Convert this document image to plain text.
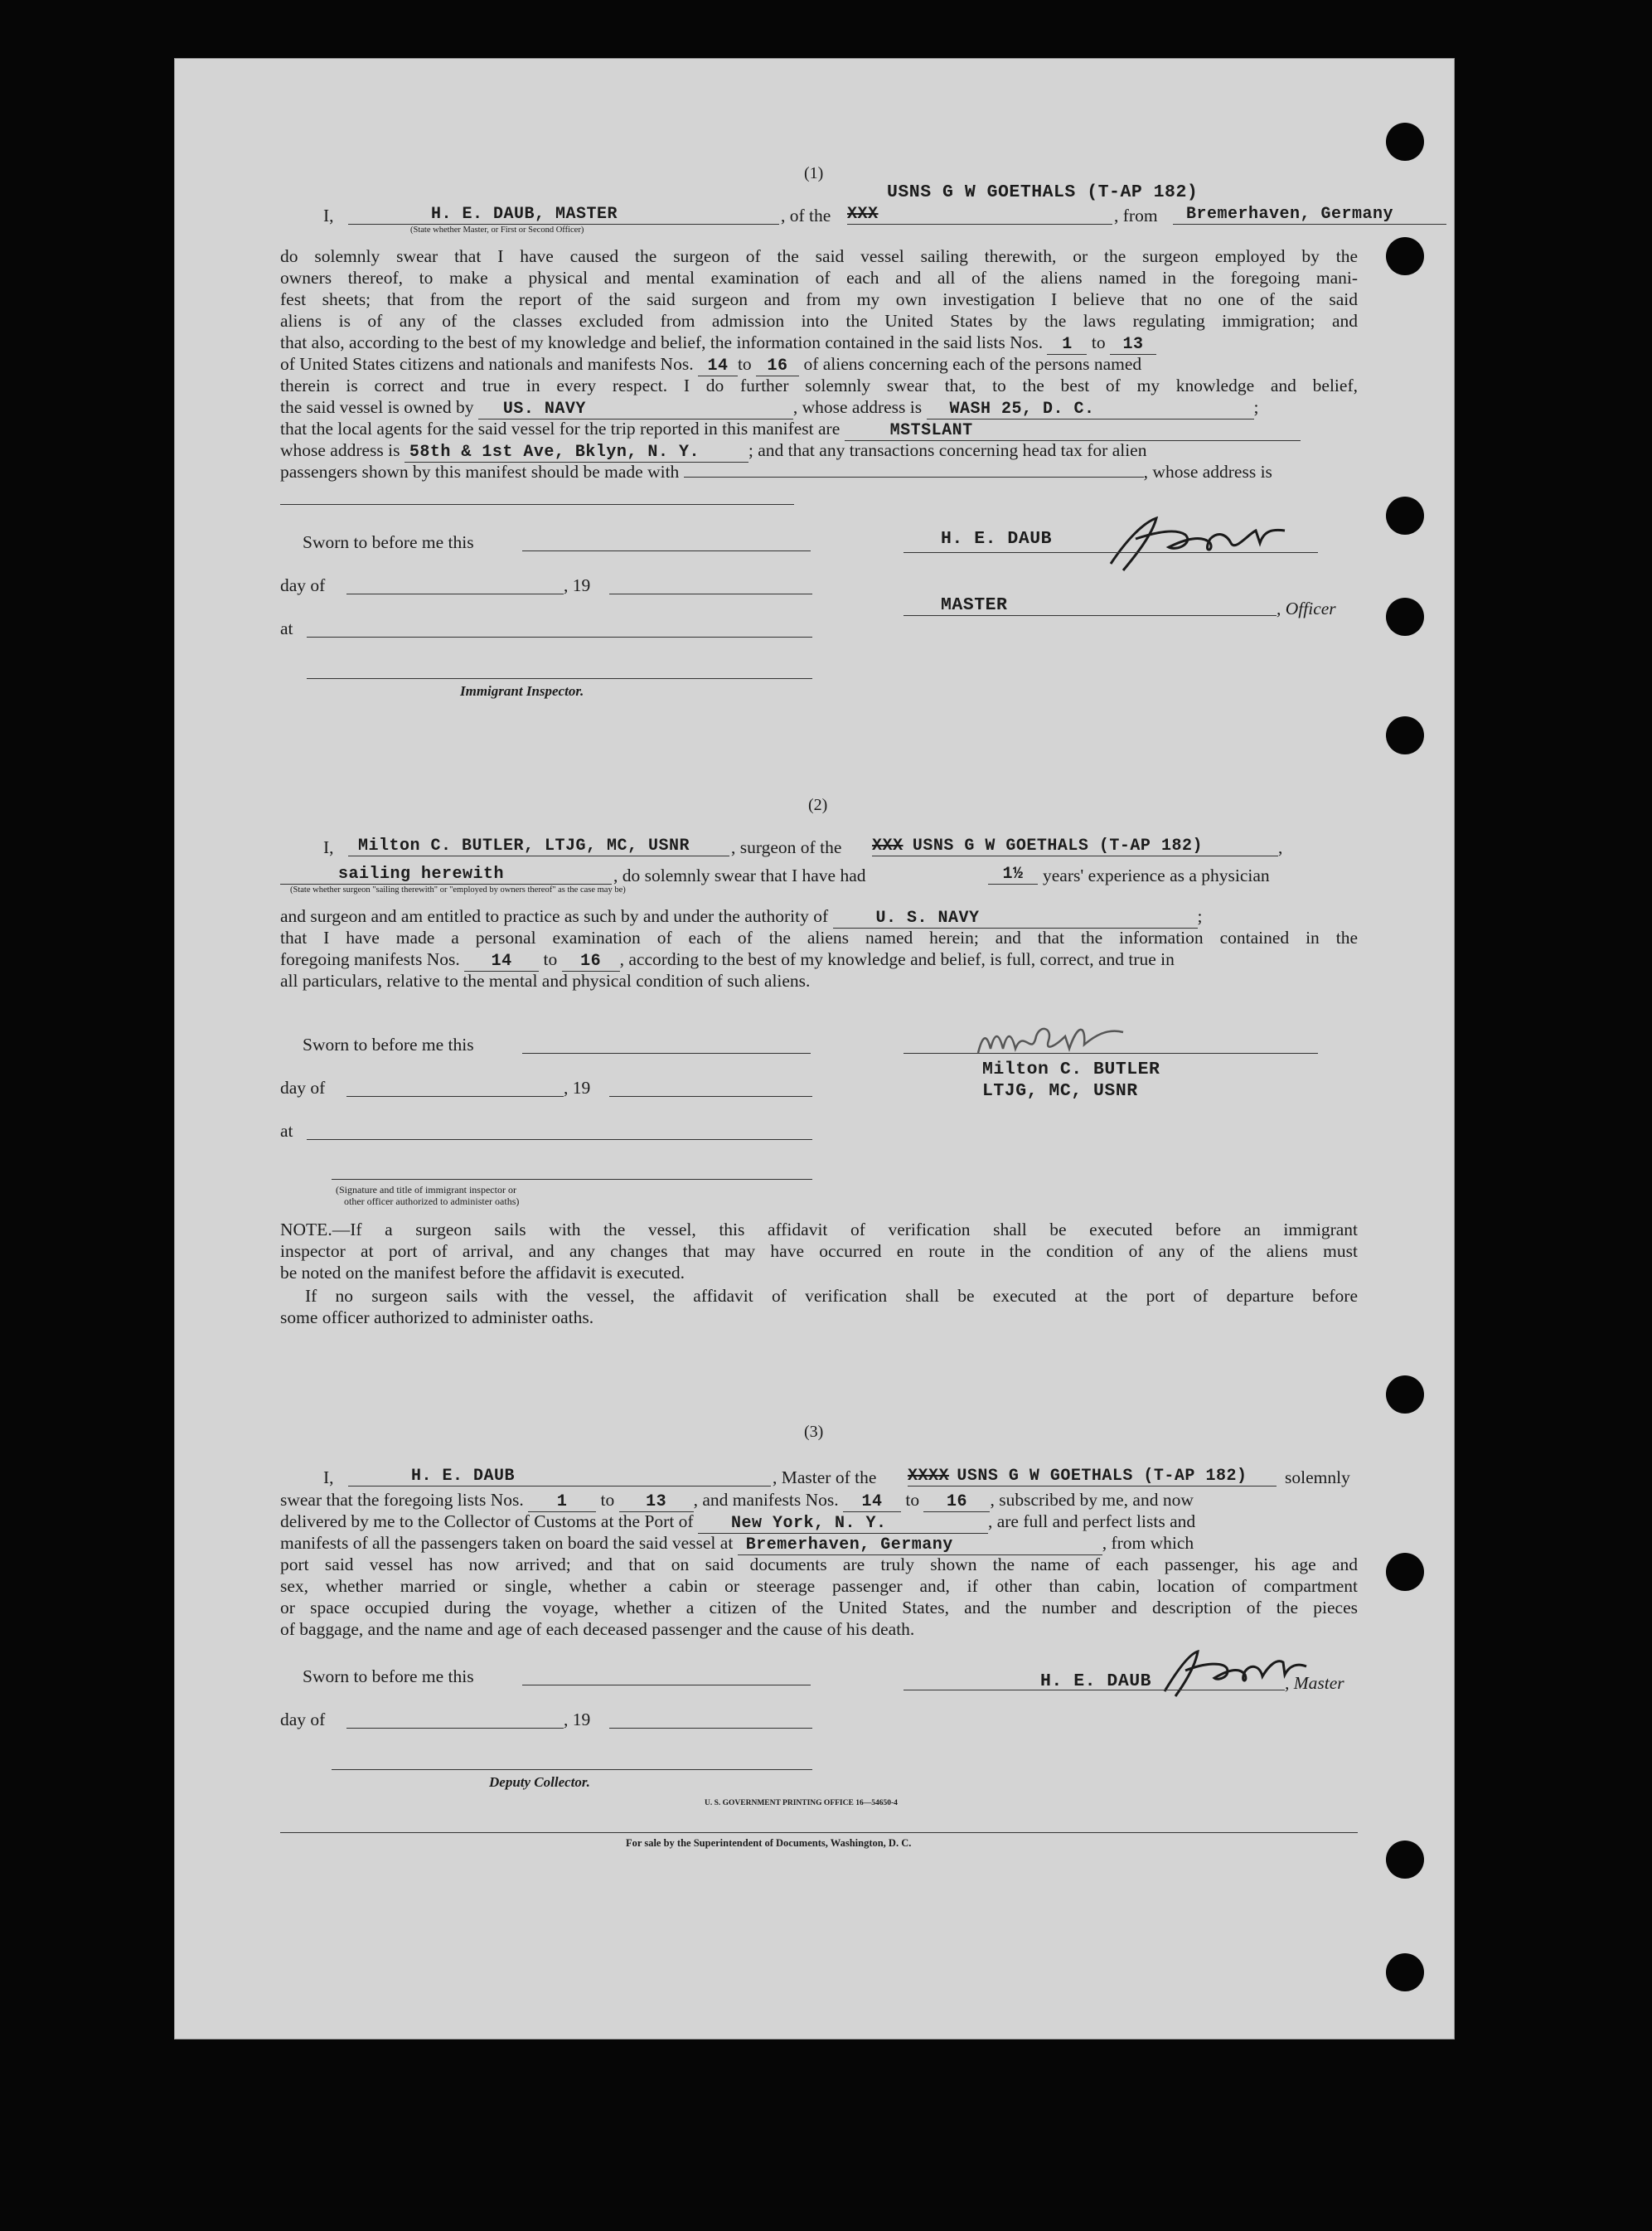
(1)
USNS G W GOETHALS (T-AP 182)
I,	H. E. DAUB, MASTER	, of the XXX	, from	Bremerhaven, Germany
(State whether Master, or First or Second Officer)
do solemnly swear that I have caused the surgeon of the said vessel sailing therewith, or the surgeon employed by the
owners thereof, to make a physical and mental examination of each and all of the aliens named in the foregoing mani-
fest sheets; that from the report of the said surgeon and from my own investigation I believe that no one of the said
aliens is of any of the classes excluded from admission into the United States by the laws regulating immigration; and
that also, according to the best of my knowledge and belief, the information contained in the said lists Nos. 1 to 13
of United States citizens and nationals and manifests Nos. 14 to 16 of aliens concerning each of the persons named
therein is correct and true in every respect. I do further solemnly swear that, to the best of my knowledge and belief,
the said vessel is owned by US. NAVY	, whose address is WASH 25, D. C.	;
that the local agents for the said vessel for the trip reported in this manifest are	MSTSLANT
whose address is 58th & 1st Ave, Bklyn, N. Y.	; and that any transactions concerning head tax for alien
passengers shown by this manifest should be made with	, whose address is
Sworn to before me this
day of	, 19
at
Immigrant Inspector.
H. E. DAUB
MASTER	, Officer
(2)
I,	Milton C. BUTLER, LTJG, MC, USNR	, surgeon of the XXX USNS G W GOETHALS (T-AP 182)	,
sailing herewith	, do solemnly swear that I have had	1½	years' experience as a physician
(State whether surgeon "sailing therewith" or "employed by owners thereof" as the case may be)
and surgeon and am entitled to practice as such by and under the authority of	U. S. NAVY	;
that I have made a personal examination of each of the aliens named herein; and that the information contained in the
foregoing manifests Nos. 14 to 16 , according to the best of my knowledge and belief, is full, correct, and true in
all particulars, relative to the mental and physical condition of such aliens.
Sworn to before me this
day of	, 19
at
(Signature and title of immigrant inspector or
other officer authorized to administer oaths)
Milton C. BUTLER
LTJG, MC, USNR
NOTE.—If a surgeon sails with the vessel, this affidavit of verification shall be executed before an immigrant
inspector at port of arrival, and any changes that may have occurred en route in the condition of any of the aliens must
be noted on the manifest before the affidavit is executed.
If no surgeon sails with the vessel, the affidavit of verification shall be executed at the port of departure before
some officer authorized to administer oaths.
(3)
I,	H. E. DAUB	, Master of the XXXX USNS G W GOETHALS (T-AP 182)	solemnly
swear that the foregoing lists Nos. 1 to 13 , and manifests Nos. 14 to 16 , subscribed by me, and now
delivered by me to the Collector of Customs at the Port of New York, N. Y.	, are full and perfect lists and
manifests of all the passengers taken on board the said vessel at Bremerhaven, Germany	, from which
port said vessel has now arrived; and that on said documents are truly shown the name of each passenger, his age and
sex, whether married or single, whether a cabin or steerage passenger and, if other than cabin, location of compartment
or space occupied during the voyage, whether a citizen of the United States, and the number and description of the pieces
of baggage, and the name and age of each deceased passenger and the cause of his death.
Sworn to before me this
day of	, 19
Deputy Collector.
H. E. DAUB	, Master
U. S. GOVERNMENT PRINTING OFFICE 16—54650-4
For sale by the Superintendent of Documents, Washington, D. C.
